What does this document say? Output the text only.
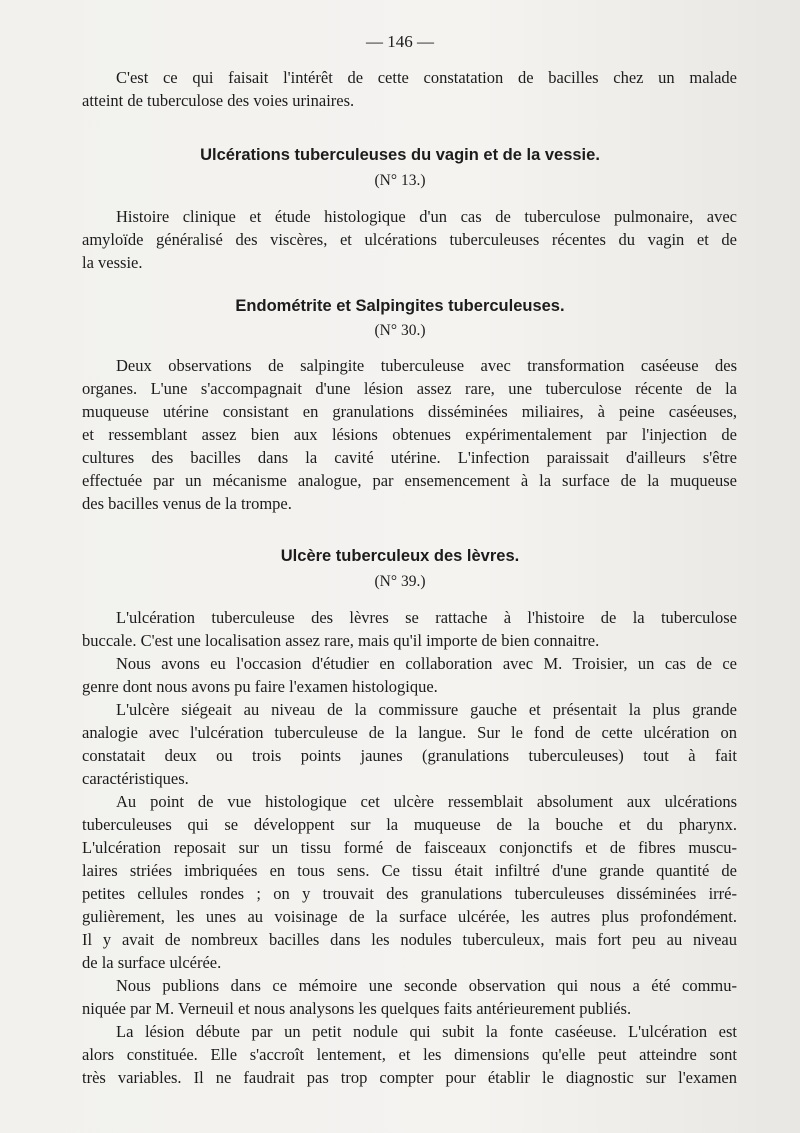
— 146 —
C'est ce qui faisait l'intérêt de cette constatation de bacilles chez un malade
atteint de tuberculose des voies urinaires.
Ulcérations tuberculeuses du vagin et de la vessie.
(N° 13.)
Histoire clinique et étude histologique d'un cas de tuberculose pulmonaire, avec
amyloïde généralisé des viscères, et ulcérations tuberculeuses récentes du vagin et de
la vessie.
Endométrite et Salpingites tuberculeuses.
(N° 30.)
Deux observations de salpingite tuberculeuse avec transformation caséeuse des
organes. L'une s'accompagnait d'une lésion assez rare, une tuberculose récente de la
muqueuse utérine consistant en granulations disséminées miliaires, à peine caséeuses,
et ressemblant assez bien aux lésions obtenues expérimentalement par l'injection de
cultures des bacilles dans la cavité utérine. L'infection paraissait d'ailleurs s'être
effectuée par un mécanisme analogue, par ensemencement à la surface de la muqueuse
des bacilles venus de la trompe.
Ulcère tuberculeux des lèvres.
(N° 39.)
L'ulcération tuberculeuse des lèvres se rattache à l'histoire de la tuberculose
buccale. C'est une localisation assez rare, mais qu'il importe de bien connaitre.
Nous avons eu l'occasion d'étudier en collaboration avec M. Troisier, un cas de ce
genre dont nous avons pu faire l'examen histologique.
L'ulcère siégeait au niveau de la commissure gauche et présentait la plus grande
analogie avec l'ulcération tuberculeuse de la langue. Sur le fond de cette ulcération on
constatait deux ou trois points jaunes (granulations tuberculeuses) tout à fait
caractéristiques.
Au point de vue histologique cet ulcère ressemblait absolument aux ulcérations
tuberculeuses qui se développent sur la muqueuse de la bouche et du pharynx.
L'ulcération reposait sur un tissu formé de faisceaux conjonctifs et de fibres muscu-
laires striées imbriquées en tous sens. Ce tissu était infiltré d'une grande quantité de
petites cellules rondes ; on y trouvait des granulations tuberculeuses disséminées irré-
gulièrement, les unes au voisinage de la surface ulcérée, les autres plus profondément.
Il y avait de nombreux bacilles dans les nodules tuberculeux, mais fort peu au niveau
de la surface ulcérée.
Nous publions dans ce mémoire une seconde observation qui nous a été commu-
niquée par M. Verneuil et nous analysons les quelques faits antérieurement publiés.
La lésion débute par un petit nodule qui subit la fonte caséeuse. L'ulcération est
alors constituée. Elle s'accroît lentement, et les dimensions qu'elle peut atteindre sont
très variables. Il ne faudrait pas trop compter pour établir le diagnostic sur l'examen
